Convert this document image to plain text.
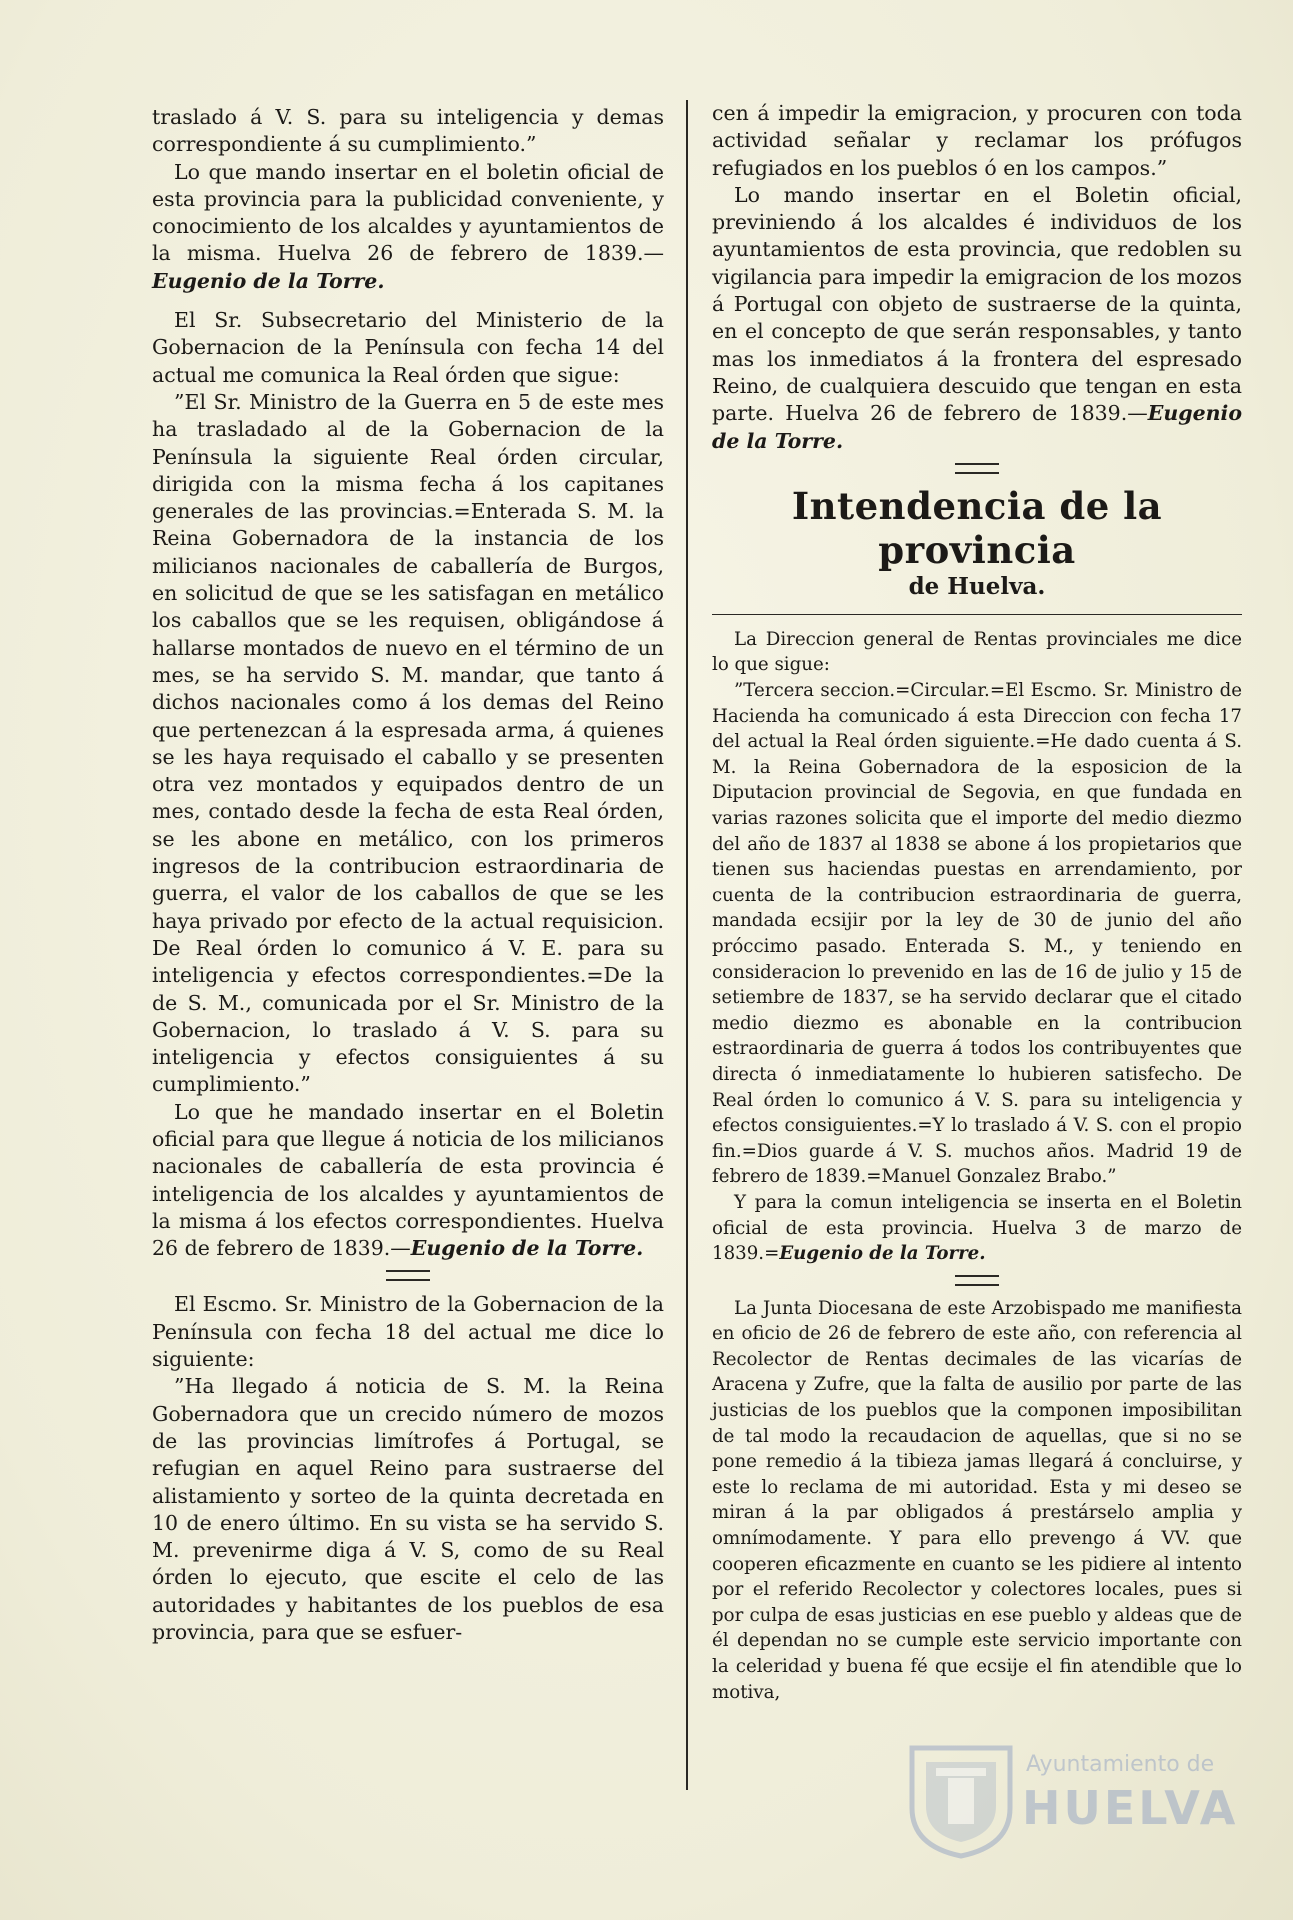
traslado á V. S. para su inteligencia y demas correspondiente á su cumplimiento.”

Lo que mando insertar en el boletin oficial de esta provincia para la publicidad conveniente, y conocimiento de los alcaldes y ayuntamientos de la misma. Huelva 26 de febrero de 1839.—Eugenio de la Torre.

El Sr. Subsecretario del Ministerio de la Gobernacion de la Península con fecha 14 del actual me comunica la Real órden que sigue:

”El Sr. Ministro de la Guerra en 5 de este mes ha trasladado al de la Gobernacion de la Península la siguiente Real órden circular, dirigida con la misma fecha á los capitanes generales de las provincias.=Enterada S. M. la Reina Gobernadora de la instancia de los milicianos nacionales de caballería de Burgos, en solicitud de que se les satisfagan en metálico los caballos que se les requisen, obligándose á hallarse montados de nuevo en el término de un mes, se ha servido S. M. mandar, que tanto á dichos nacionales como á los demas del Reino que pertenezcan á la espresada arma, á quienes se les haya requisado el caballo y se presenten otra vez montados y equipados dentro de un mes, contado desde la fecha de esta Real órden, se les abone en metálico, con los primeros ingresos de la contribucion estraordinaria de guerra, el valor de los caballos de que se les haya privado por efecto de la actual requisicion. De Real órden lo comunico á V. E. para su inteligencia y efectos correspondientes.=De la de S. M., comunicada por el Sr. Ministro de la Gobernacion, lo traslado á V. S. para su inteligencia y efectos consiguientes á su cumplimiento.”

Lo que he mandado insertar en el Boletin oficial para que llegue á noticia de los milicianos nacionales de caballería de esta provincia é inteligencia de los alcaldes y ayuntamientos de la misma á los efectos correspondientes. Huelva 26 de febrero de 1839.—Eugenio de la Torre.

El Escmo. Sr. Ministro de la Gobernacion de la Península con fecha 18 del actual me dice lo siguiente:

”Ha llegado á noticia de S. M. la Reina Gobernadora que un crecido número de mozos de las provincias limítrofes á Portugal, se refugian en aquel Reino para sustraerse del alistamiento y sorteo de la quinta decretada en 10 de enero último. En su vista se ha servido S. M. prevenirme diga á V. S, como de su Real órden lo ejecuto, que escite el celo de las autoridades y habitantes de los pueblos de esa provincia, para que se esfuer-

cen á impedir la emigracion, y procuren con toda actividad señalar y reclamar los prófugos refugiados en los pueblos ó en los campos.”

Lo mando insertar en el Boletin oficial, previniendo á los alcaldes é individuos de los ayuntamientos de esta provincia, que redoblen su vigilancia para impedir la emigracion de los mozos á Portugal con objeto de sustraerse de la quinta, en el concepto de que serán responsables, y tanto mas los inmediatos á la frontera del espresado Reino, de cualquiera descuido que tengan en esta parte. Huelva 26 de febrero de 1839.—Eugenio de la Torre.

Intendencia de la provincia
de Huelva.

La Direccion general de Rentas provinciales me dice lo que sigue:

”Tercera seccion.=Circular.=El Escmo. Sr. Ministro de Hacienda ha comunicado á esta Direccion con fecha 17 del actual la Real órden siguiente.=He dado cuenta á S. M. la Reina Gobernadora de la esposicion de la Diputacion provincial de Segovia, en que fundada en varias razones solicita que el importe del medio diezmo del año de 1837 al 1838 se abone á los propietarios que tienen sus haciendas puestas en arrendamiento, por cuenta de la contribucion estraordinaria de guerra, mandada ecsijir por la ley de 30 de junio del año próccimo pasado. Enterada S. M., y teniendo en consideracion lo prevenido en las de 16 de julio y 15 de setiembre de 1837, se ha servido declarar que el citado medio diezmo es abonable en la contribucion estraordinaria de guerra á todos los contribuyentes que directa ó inmediatamente lo hubieren satisfecho. De Real órden lo comunico á V. S. para su inteligencia y efectos consiguientes.=Y lo traslado á V. S. con el propio fin.=Dios guarde á V. S. muchos años. Madrid 19 de febrero de 1839.=Manuel Gonzalez Brabo.”

Y para la comun inteligencia se inserta en el Boletin oficial de esta provincia. Huelva 3 de marzo de 1839.=Eugenio de la Torre.

La Junta Diocesana de este Arzobispado me manifiesta en oficio de 26 de febrero de este año, con referencia al Recolector de Rentas decimales de las vicarías de Aracena y Zufre, que la falta de ausilio por parte de las justicias de los pueblos que la componen imposibilitan de tal modo la recaudacion de aquellas, que si no se pone remedio á la tibieza jamas llegará á concluirse, y este lo reclama de mi autoridad. Esta y mi deseo se miran á la par obligados á prestárselo amplia y omnímodamente. Y para ello prevengo á VV. que cooperen eficazmente en cuanto se les pidiere al intento por el referido Recolector y colectores locales, pues si por culpa de esas justicias en ese pueblo y aldeas que de él dependan no se cumple este servicio importante con la celeridad y buena fé que ecsije el fin atendible que lo motiva,

Ayuntamiento de
HUELVA
